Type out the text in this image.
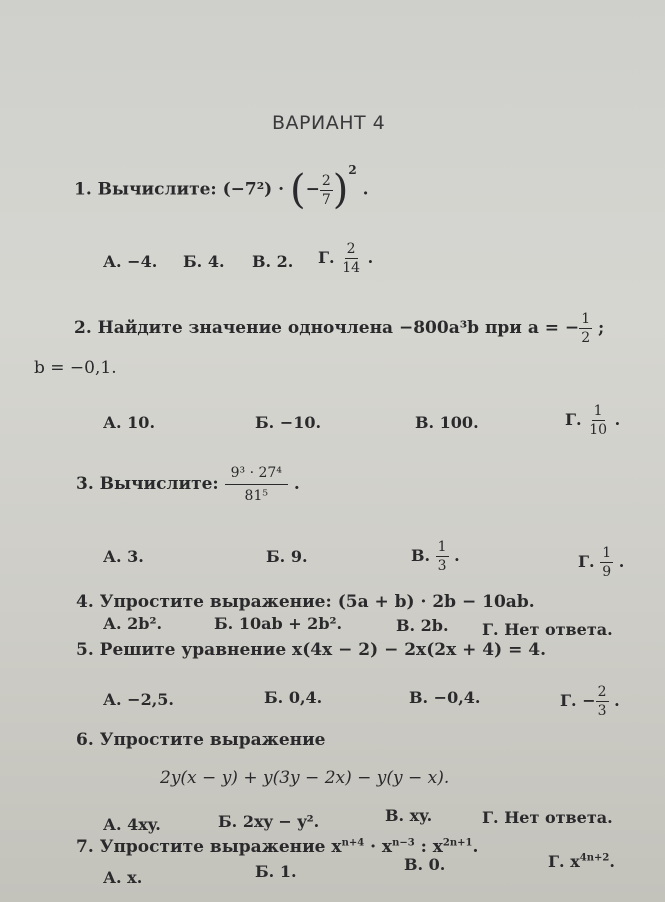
ВАРИАНТ 4
1. Вычислите: (−7²) · (− $\frac{2}{7} )^2$ .
А. −4. Б. 4. В. 2. Г. $\frac{2}{14}$ .
2. Найдите значение одночлена −800a³b при a = − $\frac{1}{2}$ ;
b = −0,1.
А. 10.	Б. −10.	В. 100.	Г. $\frac{1}{10}$ .
3. Вычислите: $\frac{\text{9³ · 27⁴}}{\text{81⁵}}$ .
А. 3.	Б. 9.	В. $\frac{1}{3}$ .	Г. $\frac{1}{9}$ .
4. Упростите выражение: (5a + b) · 2b − 10ab.
А. 2b².	Б. 10ab + 2b².	В. 2b. Г. Нет ответа.
5. Решите уравнение x(4x − 2) − 2x(2x + 4) = 4.
А. −2,5.	Б. 0,4.	В. −0,4.	Г. − $\frac{2}{3}$ .
6. Упростите выражение
2y(x − y) + y(3y − 2x) − y(y − x).
А. 4xy.	Б. 2xy − y².	В. xy.	Г. Нет ответа.
7. Упростите выражение $x^{n+4} \cdot x^{n-3}$ : $x^{2n+1}$.
А. x.	Б. 1.	В. 0.	Г. $x^{4n+2}$.
